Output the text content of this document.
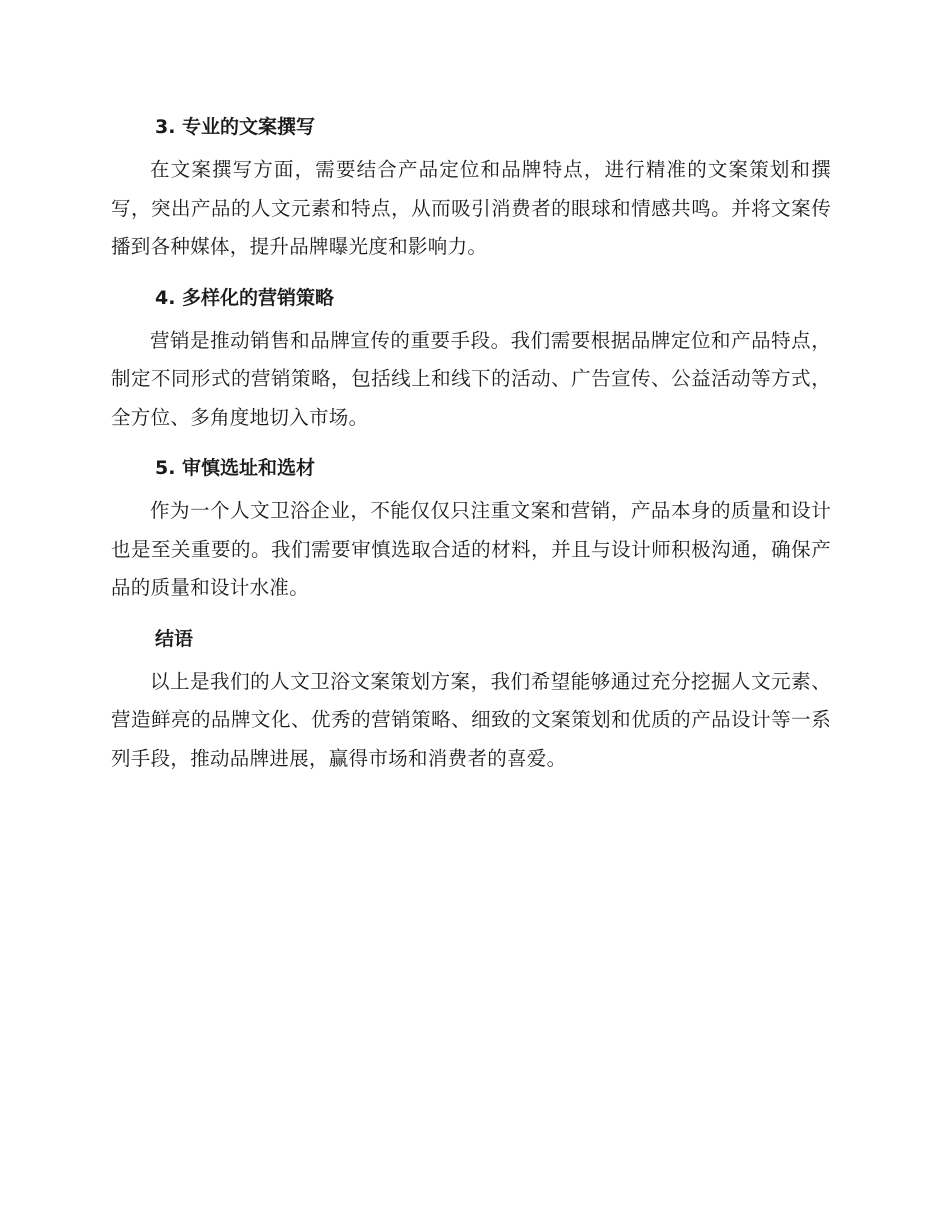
3. 专业的文案撰写

在文案撰写方面，需要结合产品定位和品牌特点，进行精准的文案策划和撰写，突出产品的人文元素和特点，从而吸引消费者的眼球和情感共鸣。并将文案传播到各种媒体，提升品牌曝光度和影响力。

4. 多样化的营销策略

营销是推动销售和品牌宣传的重要手段。我们需要根据品牌定位和产品特点，制定不同形式的营销策略，包括线上和线下的活动、广告宣传、公益活动等方式，全方位、多角度地切入市场。

5. 审慎选址和选材

作为一个人文卫浴企业，不能仅仅只注重文案和营销，产品本身的质量和设计也是至关重要的。我们需要审慎选取合适的材料，并且与设计师积极沟通，确保产品的质量和设计水准。

结语

以上是我们的人文卫浴文案策划方案，我们希望能够通过充分挖掘人文元素、营造鲜亮的品牌文化、优秀的营销策略、细致的文案策划和优质的产品设计等一系列手段，推动品牌进展，赢得市场和消费者的喜爱。
